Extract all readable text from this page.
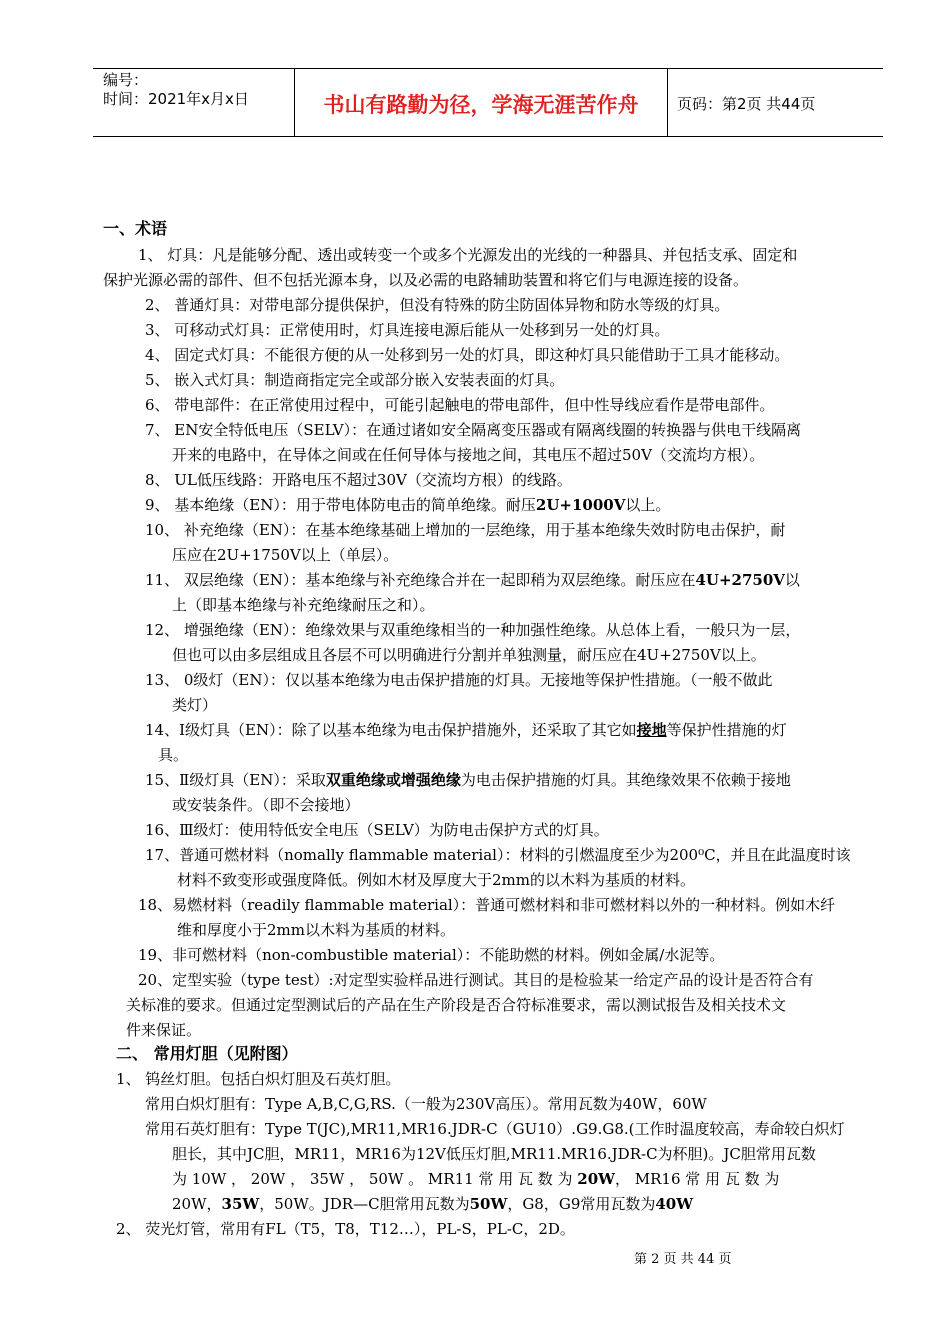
编号：
时间：2021年x月x日	书山有路勤为径，学海无涯苦作舟	页码：第2页 共44页
一、术语
1、 灯具：凡是能够分配、透出或转变一个或多个光源发出的光线的一种器具、并包括支承、固定和
保护光源必需的部件、但不包括光源本身，以及必需的电路辅助装置和将它们与电源连接的设备。
2、 普通灯具：对带电部分提供保护，但没有特殊的防尘防固体异物和防水等级的灯具。
3、 可移动式灯具：正常使用时，灯具连接电源后能从一处移到另一处的灯具。
4、 固定式灯具：不能很方便的从一处移到另一处的灯具，即这种灯具只能借助于工具才能移动。
5、 嵌入式灯具：制造商指定完全或部分嵌入安装表面的灯具。
6、 带电部件：在正常使用过程中，可能引起触电的带电部件，但中性导线应看作是带电部件。
7、 EN安全特低电压（SELV）：在通过诸如安全隔离变压器或有隔离线圈的转换器与供电干线隔离
开来的电路中，在导体之间或在任何导体与接地之间，其电压不超过50V（交流均方根）。
8、 UL低压线路：开路电压不超过30V（交流均方根）的线路。
9、 基本绝缘（EN）：用于带电体防电击的简单绝缘。耐压2U+1000V以上。
10、 补充绝缘（EN）：在基本绝缘基础上增加的一层绝缘，用于基本绝缘失效时防电击保护，耐
压应在2U+1750V以上（单层）。
11、 双层绝缘（EN）：基本绝缘与补充绝缘合并在一起即稍为双层绝缘。耐压应在4U+2750V以
上（即基本绝缘与补充绝缘耐压之和）。
12、 增强绝缘（EN）：绝缘效果与双重绝缘相当的一种加强性绝缘。从总体上看，一般只为一层，
但也可以由多层组成且各层不可以明确进行分割并单独测量，耐压应在4U+2750V以上。
13、 0级灯（EN）：仅以基本绝缘为电击保护措施的灯具。无接地等保护性措施。（一般不做此
类灯）
14、Ⅰ级灯具（EN）：除了以基本绝缘为电击保护措施外，还采取了其它如接地等保护性措施的灯
具。
15、Ⅱ级灯具（EN）：采取双重绝缘或增强绝缘为电击保护措施的灯具。其绝缘效果不依赖于接地
或安装条件。（即不会接地）
16、Ⅲ级灯：使用特低安全电压（SELV）为防电击保护方式的灯具。
17、普通可燃材料（nomally flammable material）：材料的引燃温度至少为200⁰C，并且在此温度时该
材料不致变形或强度降低。例如木材及厚度大于2mm的以木料为基质的材料。
18、易燃材料（readily flammable material）：普通可燃材料和非可燃材料以外的一种材料。例如木纤
维和厚度小于2mm以木料为基质的材料。
19、非可燃材料（non-combustible material）：不能助燃的材料。例如金属/水泥等。
20、定型实验（type test）:对定型实验样品进行测试。其目的是检验某一给定产品的设计是否符合有
关标准的要求。但通过定型测试后的产品在生产阶段是否合符标准要求，需以测试报告及相关技术文
件来保证。
二、 常用灯胆（见附图）
1、 钨丝灯胆。包括白炽灯胆及石英灯胆。
常用白炽灯胆有：Type A,B,C,G,RS.（一般为230V高压）。常用瓦数为40W，60W
常用石英灯胆有：Type T(JC),MR11,MR16.JDR-C（GU10）.G9.G8.(工作时温度较高，寿命较白炽灯
胆长，其中JC胆，MR11，MR16为12V低压灯胆,MR11.MR16.JDR-C为杯胆)。JC胆常用瓦数
为 10W ， 20W ， 35W ， 50W 。 MR11 常 用 瓦 数 为 20W， MR16 常 用 瓦 数 为
20W，35W，50W。JDR—C胆常用瓦数为50W，G8，G9常用瓦数为40W
2、 荧光灯管，常用有FL（T5，T8，T12…），PL-S，PL-C，2D。
第 2 页 共 44 页
